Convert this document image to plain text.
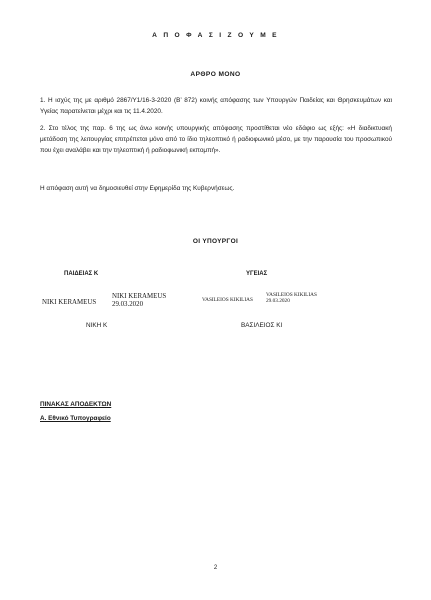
Α Π Ο Φ Α Σ Ι Ζ Ο Υ Μ Ε
ΑΡΘΡΟ ΜΟΝΟ
1. Η ισχύς της με αριθμό 2867/Υ1/16-3-2020 (Β’ 872) κοινής απόφασης των Υπουργών Παιδείας και Θρησκευμάτων και Υγείας παρατείνεται μέχρι και τις 11.4.2020.
2. Στο τέλος της παρ. 6 της ως άνω κοινής υπουργικής απόφασης προστίθεται νέο εδάφιο ως εξής: «Η διαδικτυακή μετάδοση της λειτουργίας επιτρέπεται μόνο από το ίδιο τηλεοπτικό ή ραδιοφωνικό μέσο, με την παρουσία του προσωπικού που έχει αναλάβει και την τηλεοπτική ή ραδιοφωνική εκπομπή».
Η απόφαση αυτή να δημοσιευθεί στην Εφημερίδα της Κυβερνήσεως.
ΟΙ ΥΠΟΥΡΓΟΙ
ΠΑΙΔΕΙΑΣ Κ	ΥΓΕΙΑΣ
NIKI KERAMEUS
NIKI KERAMEUS
29.03.2020
VASILEIOS KIKILIAS
VASILEIOS KIKILIAS
29.03.2020
ΝΙΚΗ Κ	ΒΑΣΙΛΕΙΟΣ ΚΙ
ΠΙΝΑΚΑΣ ΑΠΟΔΕΚΤΩΝ
Α. Εθνικό Τυπογραφείο
2
